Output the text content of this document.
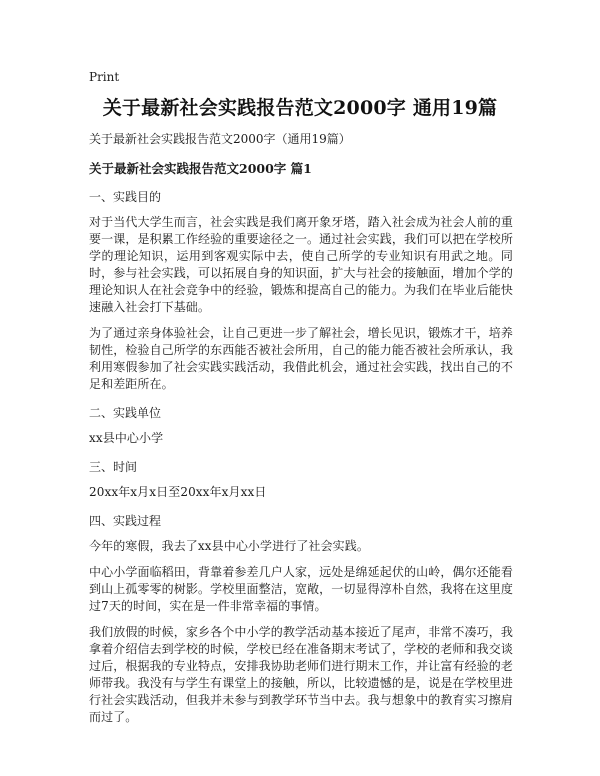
Print
关于最新社会实践报告范文2000字 通用19篇
关于最新社会实践报告范文2000字（通用19篇）
关于最新社会实践报告范文2000字 篇1
一、实践目的

对于当代大学生而言，社会实践是我们离开象牙塔，踏入社会成为社会人前的重要一课，是积累工作经验的重要途径之一。通过社会实践，我们可以把在学校所学的理论知识，运用到客观实际中去，使自己所学的专业知识有用武之地。同时，参与社会实践，可以拓展自身的知识面，扩大与社会的接触面，增加个学的理论知识人在社会竞争中的经验，锻炼和提高自己的能力。为我们在毕业后能快速融入社会打下基础。

为了通过亲身体验社会，让自己更进一步了解社会，增长见识，锻炼才干，培养韧性，检验自己所学的东西能否被社会所用，自己的能力能否被社会所承认，我利用寒假参加了社会实践实践活动，我借此机会，通过社会实践，找出自己的不足和差距所在。

二、实践单位

xx县中心小学

三、时间

20xx年x月x日至20xx年x月xx日

四、实践过程

今年的寒假，我去了xx县中心小学进行了社会实践。

中心小学面临稻田，背靠着参差几户人家，远处是绵延起伏的山岭，偶尔还能看到山上孤零零的树影。学校里面整洁，宽敞，一切显得淳朴自然，我将在这里度过7天的时间，实在是一件非常幸福的事情。

我们放假的时候，家乡各个中小学的教学活动基本接近了尾声，非常不凑巧，我拿着介绍信去到学校的时候，学校已经在准备期末考试了，学校的老师和我交谈过后，根据我的专业特点，安排我协助老师们进行期末工作，并让富有经验的老师带我。我没有与学生有课堂上的接触，所以，比较遗憾的是，说是在学校里进行社会实践活动，但我并未参与到教学环节当中去。我与想象中的教育实习擦肩而过了。
